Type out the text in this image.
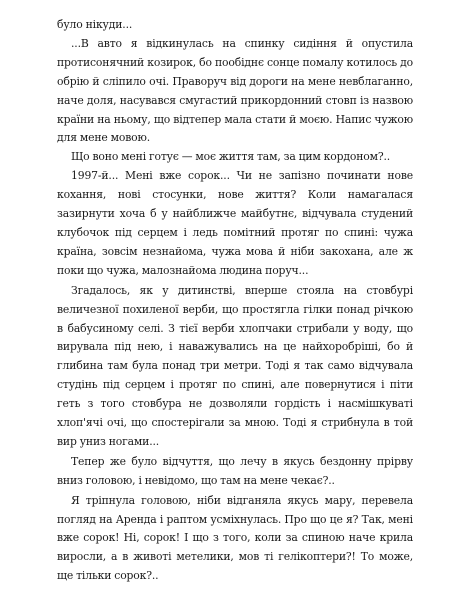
було нікуди...

...В авто я відкинулась на спинку сидіння й опустила протисонячний козирок, бо пообіднє сонце помалу котилось до обрію й сліпило очі. Праворуч від дороги на мене невблаганно, наче доля, насувався смугастий прикордонний стовп із назвою країни на ньому, що відтепер мала стати й моєю. Напис чужою для мене мовою.

Що воно мені готує — моє життя там, за цим кордоном?..

1997-й... Мені вже сорок... Чи не запізно починати нове кохання, нові стосунки, нове життя? Коли намагалася зазирнути хоча б у найближче майбутнє, відчувала студений клубочок під серцем і ледь помітний протяг по спині: чужа країна, зовсім незнайома, чужа мова й ніби закохана, але ж поки що чужа, малознайома людина поруч...

Згадалось, як у дитинстві, вперше стояла на стовбурі величезної похиленої верби, що простягла гілки понад річкою в бабусиному селі. З тієї верби хлопчаки стрибали у воду, що вирувала під нею, і наважувались на це найхоробріші, бо й глибина там була понад три метри. Тоді я так само відчувала студінь під серцем і протяг по спині, але повернутися і піти геть з того стовбура не дозволяли гордість і насмішкуваті хлоп'ячі очі, що спостерігали за мною. Тоді я стрибнула в той вир униз ногами...

Тепер же було відчуття, що лечу в якусь бездонну прірву вниз головою, і невідомо, що там на мене чекає?..

Я тріпнула головою, ніби відганяла якусь мару, перевела погляд на Аренда і раптом усміхнулась. Про що це я? Так, мені вже сорок! Ні, сорок! І що з того, коли за спиною наче крила виросли, а в животі метелики, мов ті гелікоптери?! То може, ще тільки сорок?..
